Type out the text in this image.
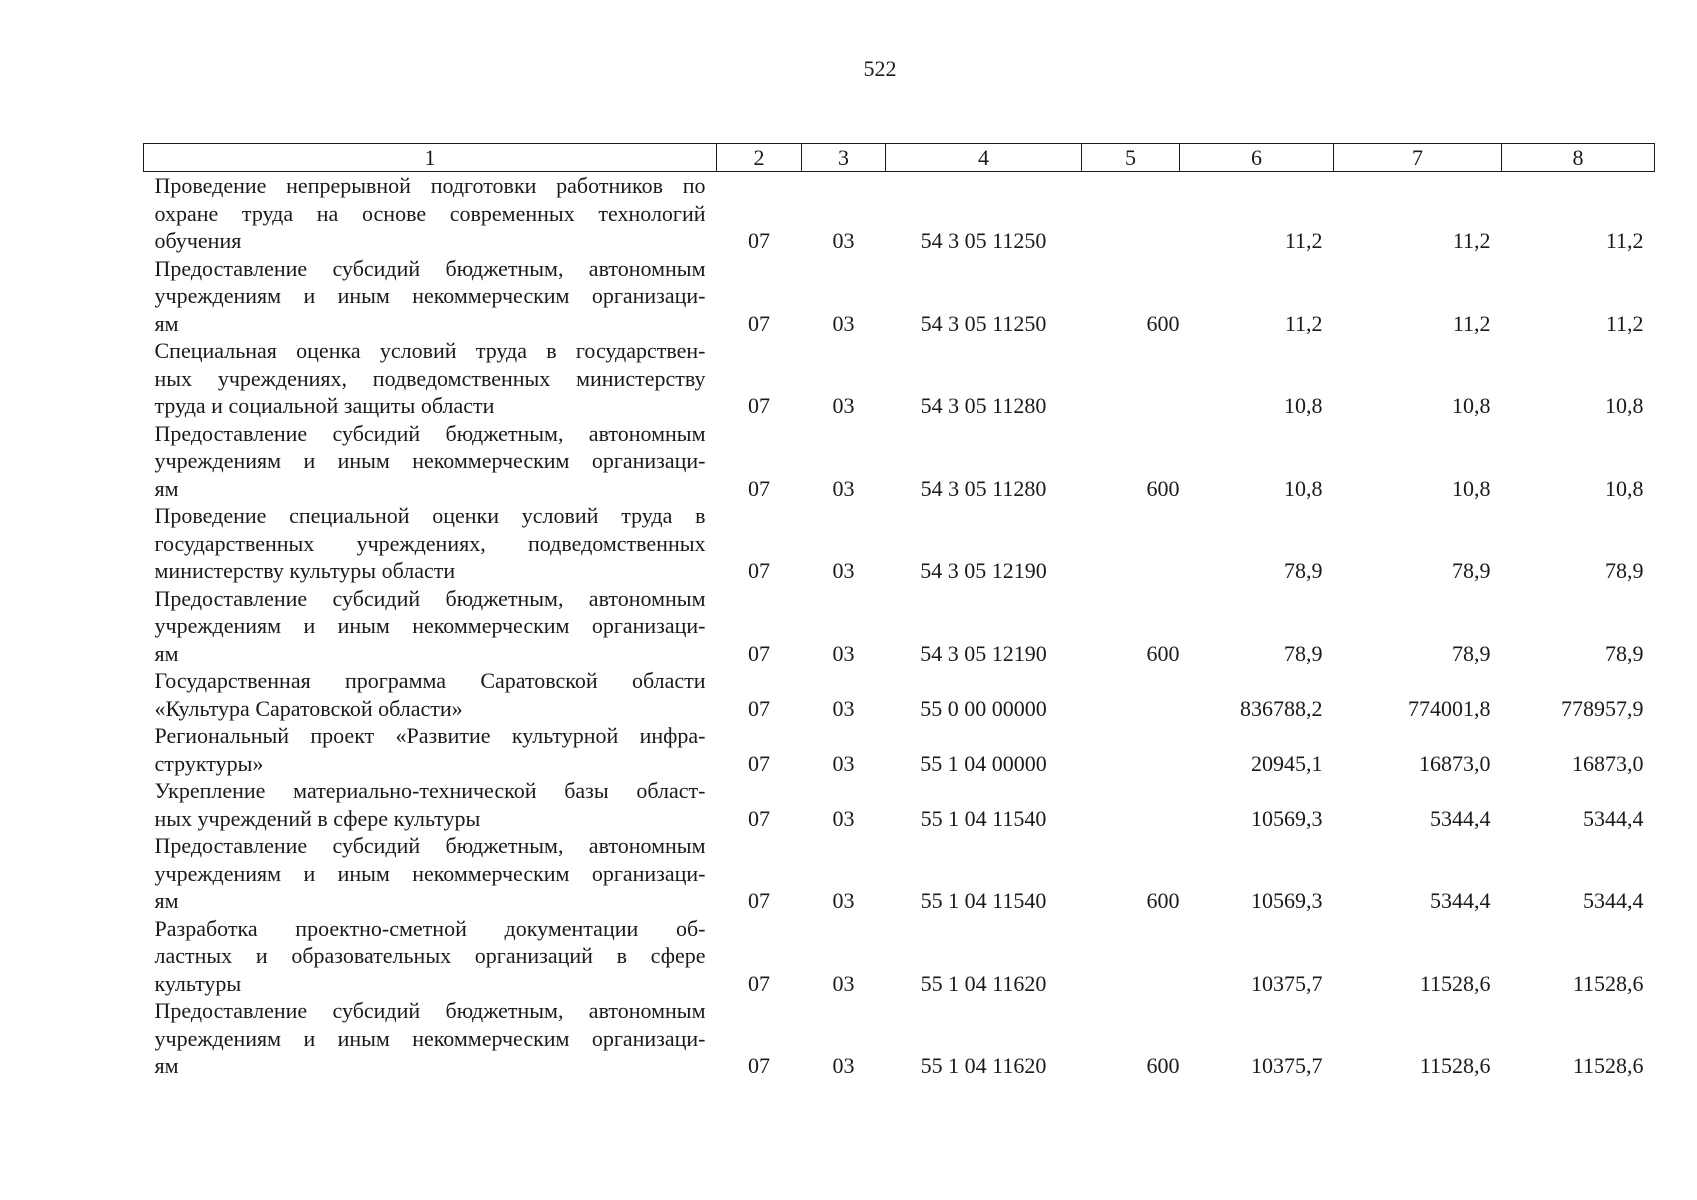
522
1	2	3	4	5	6	7	8

Проведение непрерывной подготовки работников по
охране труда на основе современных технологий
обучения	07	03	54 3 05 11250		11,2	11,2	11,2

Предоставление субсидий бюджетным, автономным
учреждениям и иным некоммерческим организаци-
ям	07	03	54 3 05 11250	600	11,2	11,2	11,2

Специальная оценка условий труда в государствен-
ных учреждениях, подведомственных министерству
труда и социальной защиты области	07	03	54 3 05 11280		10,8	10,8	10,8

Предоставление субсидий бюджетным, автономным
учреждениям и иным некоммерческим организаци-
ям	07	03	54 3 05 11280	600	10,8	10,8	10,8

Проведение специальной оценки условий труда в
государственных учреждениях, подведомственных
министерству культуры области	07	03	54 3 05 12190		78,9	78,9	78,9

Предоставление субсидий бюджетным, автономным
учреждениям и иным некоммерческим организаци-
ям	07	03	54 3 05 12190	600	78,9	78,9	78,9

Государственная программа Саратовской области
«Культура Саратовской области»	07	03	55 0 00 00000		836788,2	774001,8	778957,9

Региональный проект «Развитие культурной инфра-
структуры»	07	03	55 1 04 00000		20945,1	16873,0	16873,0

Укрепление материально-технической базы област-
ных учреждений в сфере культуры	07	03	55 1 04 11540		10569,3	5344,4	5344,4

Предоставление субсидий бюджетным, автономным
учреждениям и иным некоммерческим организаци-
ям	07	03	55 1 04 11540	600	10569,3	5344,4	5344,4

Разработка проектно-сметной документации об-
ластных и образовательных организаций в сфере
культуры	07	03	55 1 04 11620		10375,7	11528,6	11528,6

Предоставление субсидий бюджетным, автономным
учреждениям и иным некоммерческим организаци-
ям	07	03	55 1 04 11620	600	10375,7	11528,6	11528,6
